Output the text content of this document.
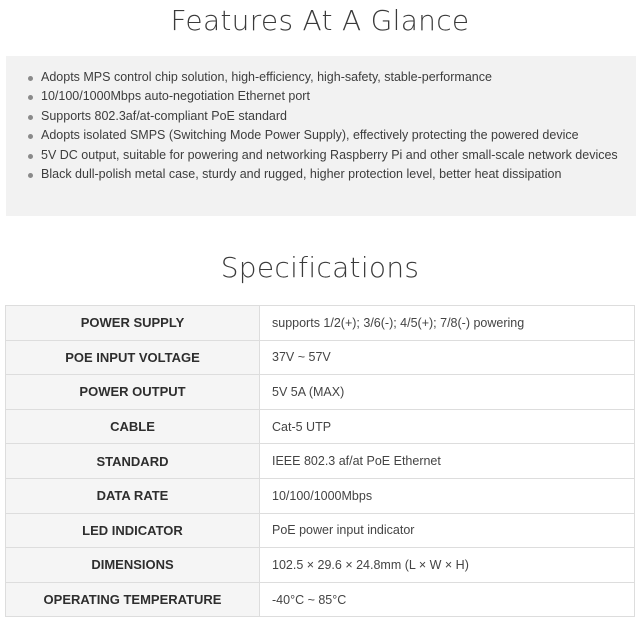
Features At A Glance
Adopts MPS control chip solution, high-efficiency, high-safety, stable-performance
10/100/1000Mbps auto-negotiation Ethernet port
Supports 802.3af/at-compliant PoE standard
Adopts isolated SMPS (Switching Mode Power Supply), effectively protecting the powered device
5V DC output, suitable for powering and networking Raspberry Pi and other small-scale network devices
Black dull-polish metal case, sturdy and rugged, higher protection level, better heat dissipation
Specifications
POWER SUPPLY	supports 1/2(+); 3/6(-); 4/5(+); 7/8(-) powering
POE INPUT VOLTAGE	37V ~ 57V
POWER OUTPUT	5V 5A (MAX)
CABLE	Cat-5 UTP
STANDARD	IEEE 802.3 af/at PoE Ethernet
DATA RATE	10/100/1000Mbps
LED INDICATOR	PoE power input indicator
DIMENSIONS	102.5 × 29.6 × 24.8mm (L × W × H)
OPERATING TEMPERATURE	-40°C ~ 85°C
